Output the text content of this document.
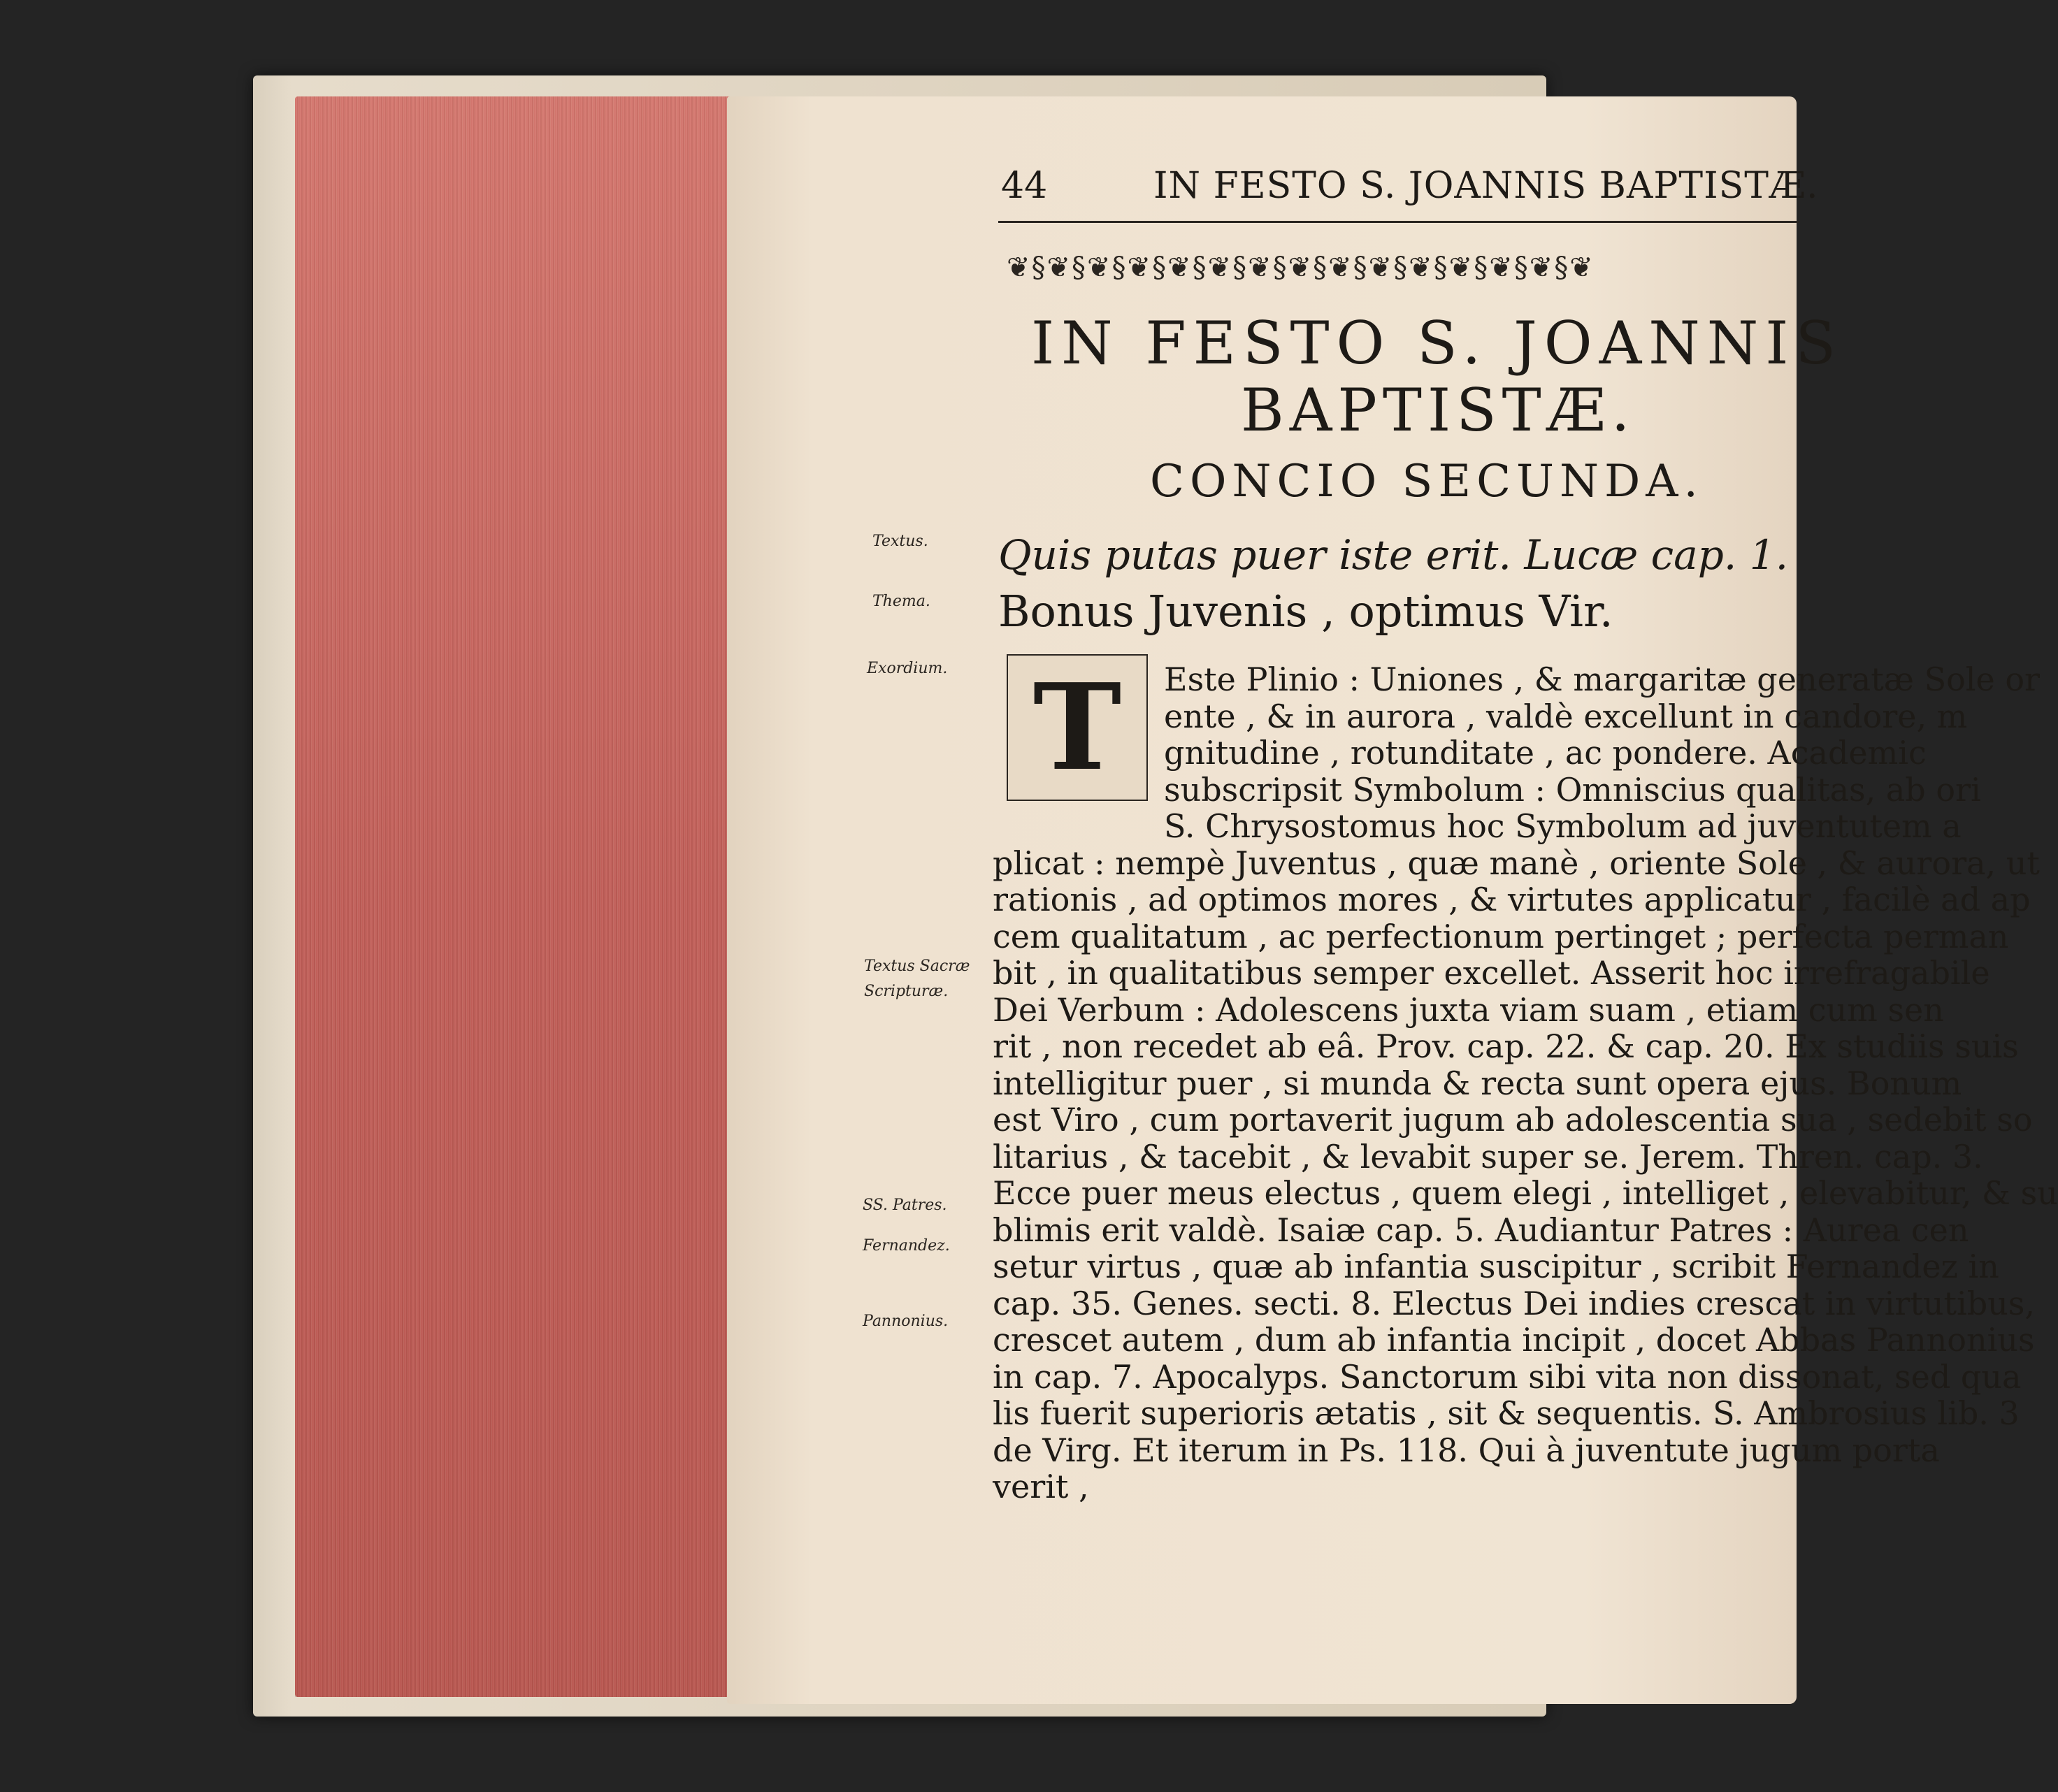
44	IN FESTO S. JOANNIS BAPTISTÆ.
❦§❦§❦§❦§❦§❦§❦§❦§❦§❦§❦§❦§❦§❦§❦
IN FESTO S. JOANNIS
BAPTISTÆ.
CONCIO SECUNDA.
Textus.
Thema.
Exordium.
Textus Sacræ
Scripturæ.
SS. Patres.
Fernandez.
Pannonius.
Quis putas puer iste erit. Lucæ cap. 1.
Bonus Juvenis , optimus Vir.
T	Este Plinio : Uniones , & margaritæ generatæ Sole or
ente , & in aurora , valdè excellunt in candore, m
gnitudine , rotunditate , ac pondere. Academic
subscripsit Symbolum : Omniscius qualitas, ab ori
S. Chrysostomus hoc Symbolum ad juventutem a
plicat : nempè Juventus , quæ manè , oriente Sole , & aurora, ut
rationis , ad optimos mores , & virtutes applicatur , facilè ad ap
cem qualitatum , ac perfectionum pertinget ; perfecta perman
bit , in qualitatibus semper excellet. Asserit hoc irrefragabile
Dei Verbum : Adolescens juxta viam suam , etiam cum sen
rit , non recedet ab eâ. Prov. cap. 22. & cap. 20. Ex studiis suis
intelligitur puer , si munda & recta sunt opera ejus. Bonum
est Viro , cum portaverit jugum ab adolescentia sua , sedebit so
litarius , & tacebit , & levabit super se. Jerem. Thren. cap. 3.
Ecce puer meus electus , quem elegi , intelliget , elevabitur, & su
blimis erit valdè. Isaiæ cap. 5. Audiantur Patres : Aurea cen
setur virtus , quæ ab infantia suscipitur , scribit Fernandez in
cap. 35. Genes. secti. 8. Electus Dei indies crescat in virtutibus,
crescet autem , dum ab infantia incipit , docet Abbas Pannonius
in cap. 7. Apocalyps. Sanctorum sibi vita non dissonat, sed qua
lis fuerit superioris ætatis , sit & sequentis. S. Ambrosius lib. 3
de Virg. Et iterum in Ps. 118. Qui à juventute jugum porta
verit ,
